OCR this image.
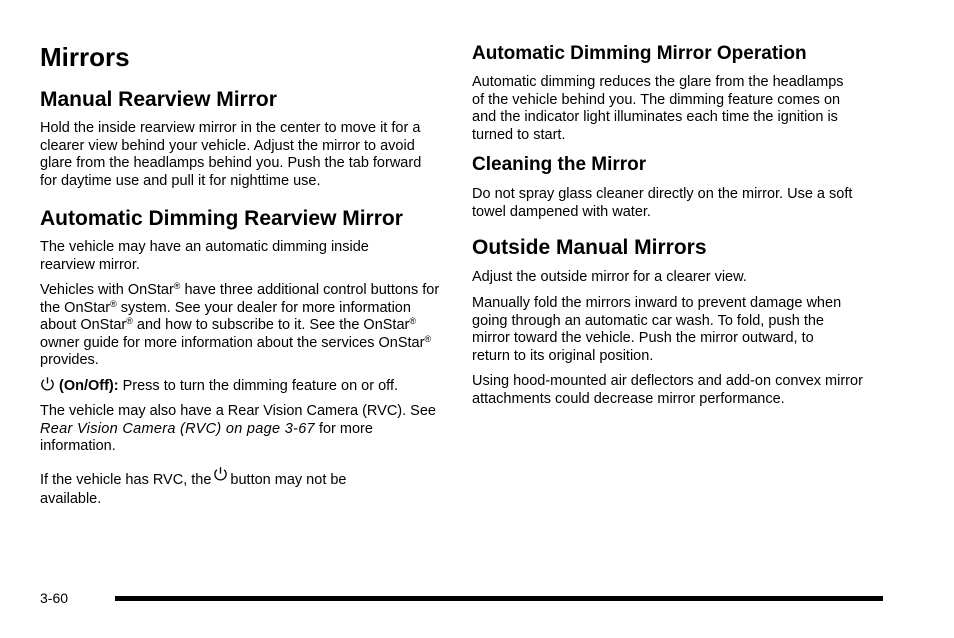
Mirrors
Manual Rearview Mirror

Hold the inside rearview mirror in the center to move it for a clearer view behind your vehicle. Adjust the mirror to avoid glare from the headlamps behind you. Push the tab forward for daytime use and pull it for nighttime use.

Automatic Dimming Rearview Mirror

The vehicle may have an automatic dimming inside rearview mirror.

Vehicles with OnStar® have three additional control buttons for the OnStar® system. See your dealer for more information about OnStar® and how to subscribe to it. See the OnStar® owner guide for more information about the services OnStar® provides.

(On/Off): Press to turn the dimming feature on or off.

The vehicle may also have a Rear Vision Camera (RVC). See Rear Vision Camera (RVC) on page 3-67 for more information.

If the vehicle has RVC, the button may not be available.

Automatic Dimming Mirror Operation

Automatic dimming reduces the glare from the headlamps of the vehicle behind you. The dimming feature comes on and the indicator light illuminates each time the ignition is turned to start.

Cleaning the Mirror

Do not spray glass cleaner directly on the mirror. Use a soft towel dampened with water.

Outside Manual Mirrors

Adjust the outside mirror for a clearer view.

Manually fold the mirrors inward to prevent damage when going through an automatic car wash. To fold, push the mirror toward the vehicle. Push the mirror outward, to return to its original position.

Using hood-mounted air deflectors and add-on convex mirror attachments could decrease mirror performance.

3-60
